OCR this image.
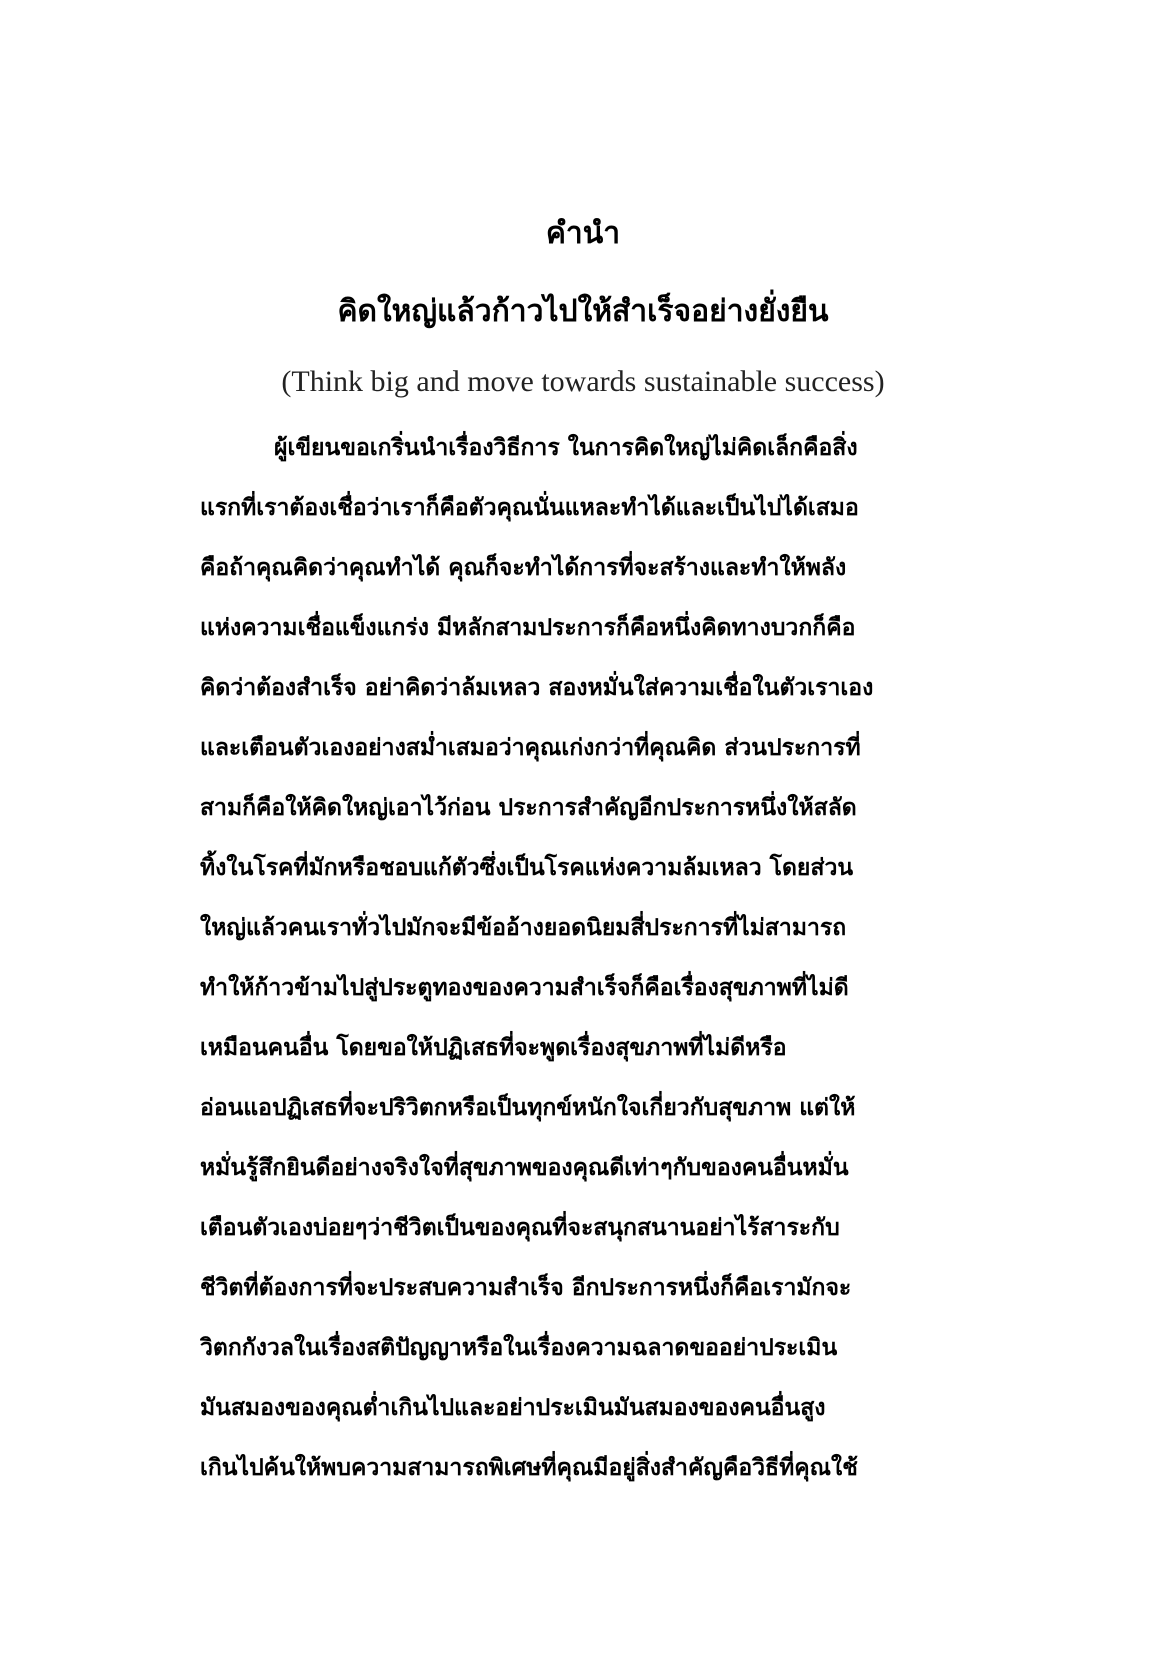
คำนำ
คิดใหญ่แล้วก้าวไปให้สำเร็จอย่างยั่งยืน
(Think big and move towards sustainable success)
ผู้เขียนขอเกริ่นนำเรื่องวิธีการ ในการคิดใหญ่ไม่คิดเล็กคือสิ่ง
แรกที่เราต้องเชื่อว่าเราก็คือตัวคุณนั่นแหละทำได้และเป็นไปได้เสมอ
คือถ้าคุณคิดว่าคุณทำได้ คุณก็จะทำได้การที่จะสร้างและทำให้พลัง
แห่งความเชื่อแข็งแกร่ง มีหลักสามประการก็คือหนึ่งคิดทางบวกก็คือ
คิดว่าต้องสำเร็จ อย่าคิดว่าล้มเหลว สองหมั่นใส่ความเชื่อในตัวเราเอง
และเตือนตัวเองอย่างสม่ำเสมอว่าคุณเก่งกว่าที่คุณคิด ส่วนประการที่
สามก็คือให้คิดใหญ่เอาไว้ก่อน ประการสำคัญอีกประการหนึ่งให้สลัด
ทิ้งในโรคที่มักหรือชอบแก้ตัวซึ่งเป็นโรคแห่งความล้มเหลว โดยส่วน
ใหญ่แล้วคนเราทั่วไปมักจะมีข้ออ้างยอดนิยมสี่ประการที่ไม่สามารถ
ทำให้ก้าวข้ามไปสู่ประตูทองของความสำเร็จก็คือเรื่องสุขภาพที่ไม่ดี
เหมือนคนอื่น โดยขอให้ปฏิเสธที่จะพูดเรื่องสุขภาพที่ไม่ดีหรือ
อ่อนแอปฏิเสธที่จะปริวิตกหรือเป็นทุกข์หนักใจเกี่ยวกับสุขภาพ แต่ให้
หมั่นรู้สึกยินดีอย่างจริงใจที่สุขภาพของคุณดีเท่าๆกับของคนอื่นหมั่น
เตือนตัวเองบ่อยๆว่าชีวิตเป็นของคุณที่จะสนุกสนานอย่าไร้สาระกับ
ชีวิตที่ต้องการที่จะประสบความสำเร็จ อีกประการหนึ่งก็คือเรามักจะ
วิตกกังวลในเรื่องสติปัญญาหรือในเรื่องความฉลาดขออย่าประเมิน
มันสมองของคุณต่ำเกินไปและอย่าประเมินมันสมองของคนอื่นสูง
เกินไปค้นให้พบความสามารถพิเศษที่คุณมีอยู่สิ่งสำคัญคือวิธีที่คุณใช้
